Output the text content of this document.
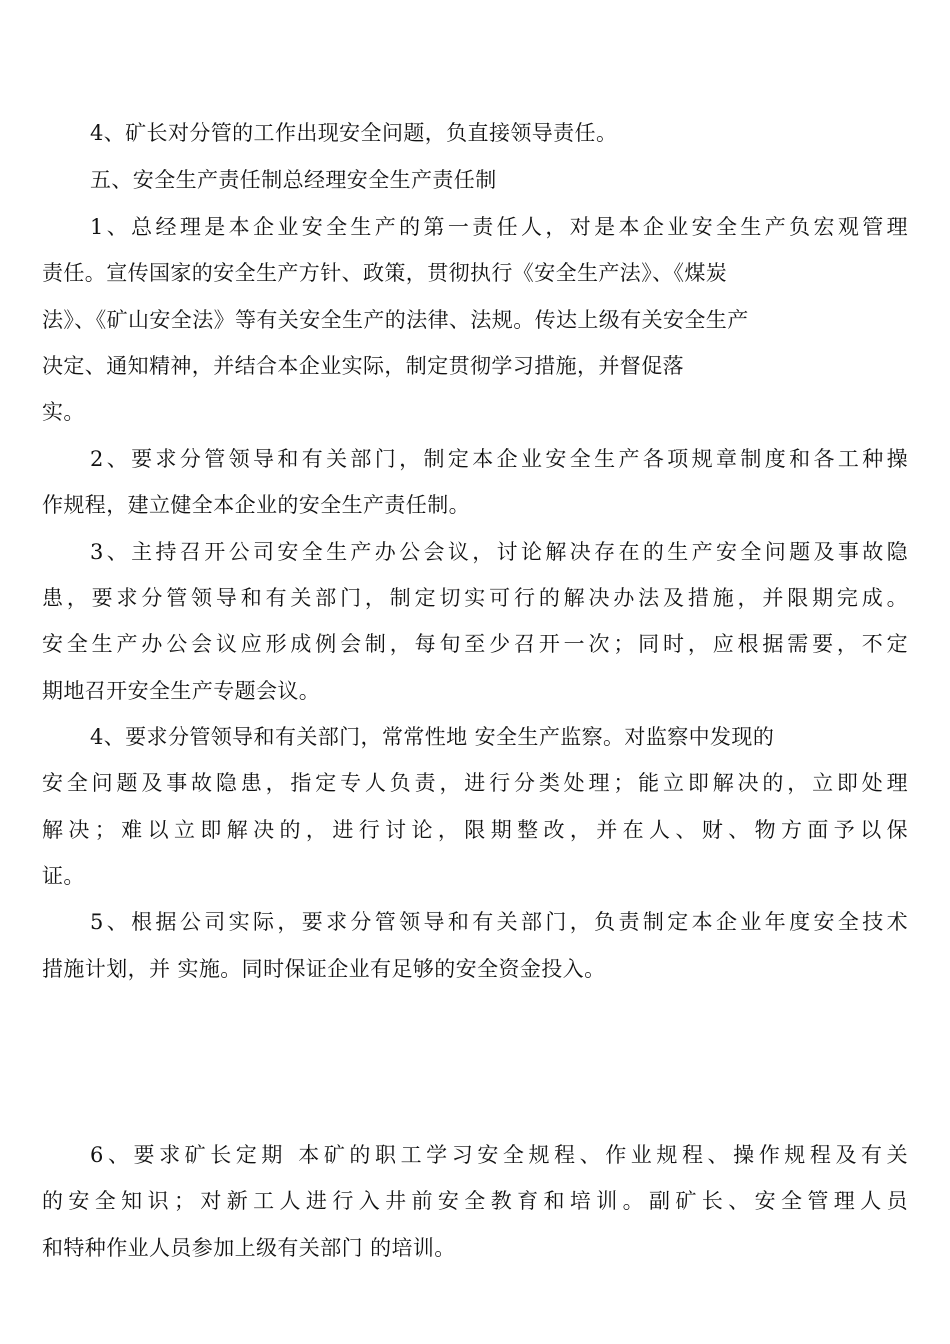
4、矿长对分管的工作出现安全问题，负直接领导责任。
五、安全生产责任制总经理安全生产责任制
1、总经理是本企业安全生产的第一责任人，对是本企业安全生产负宏观管理
责任。宣传国家的安全生产方针、政策，贯彻执行《安全生产法》、《煤炭
法》、《矿山安全法》等有关安全生产的法律、法规。传达上级有关安全生产
决定、通知精神，并结合本企业实际，制定贯彻学习措施，并督促落
实。
2、要求分管领导和有关部门，制定本企业安全生产各项规章制度和各工种操
作规程，建立健全本企业的安全生产责任制。
3、主持召开公司安全生产办公会议，讨论解决存在的生产安全问题及事故隐
患，要求分管领导和有关部门，制定切实可行的解决办法及措施，并限期完成。
安全生产办公会议应形成例会制，每旬至少召开一次；同时，应根据需要，不定
期地召开安全生产专题会议。
4、要求分管领导和有关部门，常常性地 安全生产监察。对监察中发现的
安全问题及事故隐患，指定专人负责，进行分类处理；能立即解决的，立即处理
解决；难以立即解决的，进行讨论，限期整改，并在人、财、物方面予以保
证。
5、根据公司实际，要求分管领导和有关部门，负责制定本企业年度安全技术
措施计划，并 实施。同时保证企业有足够的安全资金投入。
6、要求矿长定期 本矿的职工学习安全规程、作业规程、操作规程及有关
的安全知识；对新工人进行入井前安全教育和培训。副矿长、安全管理人员
和特种作业人员参加上级有关部门 的培训。
